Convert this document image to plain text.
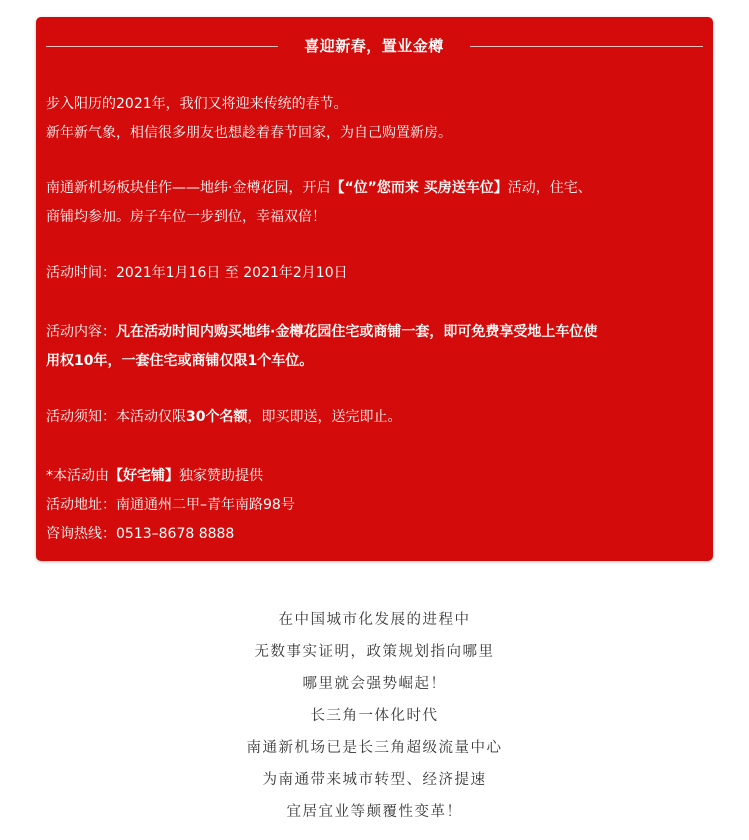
喜迎新春，置业金樽

步入阳历的2021年，我们又将迎来传统的春节。

新年新气象，相信很多朋友也想趁着春节回家，为自己购置新房。

南通新机场板块佳作——地纬·金樽花园，开启【“位”您而来 买房送车位】活动，住宅、

商铺均参加。房子车位一步到位，幸福双倍！

活动时间：2021年1月16日 至 2021年2月10日

活动内容：凡在活动时间内购买地纬·金樽花园住宅或商铺一套，即可免费享受地上车位使

用权10年，一套住宅或商铺仅限1个车位。

活动须知：本活动仅限30个名额，即买即送，送完即止。

*本活动由【好宅铺】独家赞助提供

活动地址：南通通州二甲–青年南路98号

咨询热线：0513–8678 8888

在中国城市化发展的进程中
无数事实证明，政策规划指向哪里
哪里就会强势崛起！
长三角一体化时代
南通新机场已是长三角超级流量中心
为南通带来城市转型、经济提速
宜居宜业等颠覆性变革！
